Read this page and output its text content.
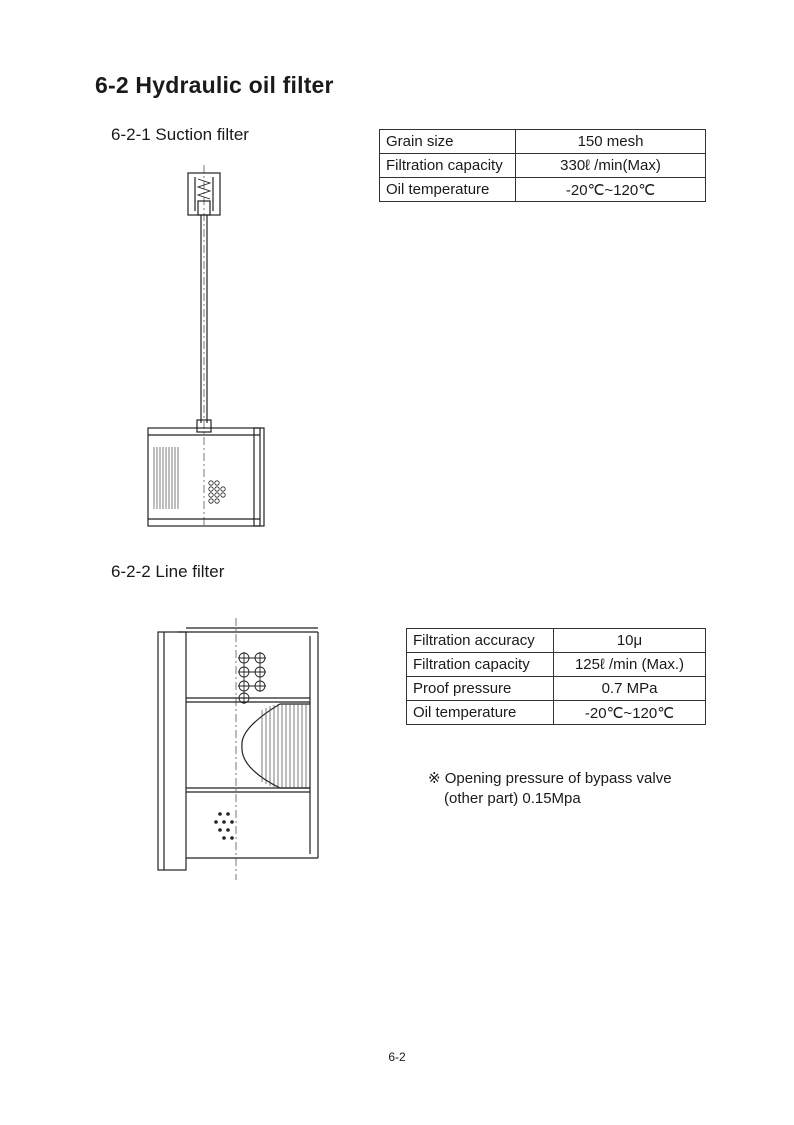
6-2 Hydraulic oil filter
6-2-1 Suction filter	Grain size	150 mesh
Filtration capacity	330ℓ /min(Max)
Oil temperature	-20℃~120℃
6-2-2 Line filter
Filtration accuracy	10μ
Filtration capacity	125ℓ /min (Max.)
Proof pressure	0.7 MPa
Oil temperature	-20℃~120℃
※ Opening pressure of bypass valve
(other part) 0.15Mpa
6-2
